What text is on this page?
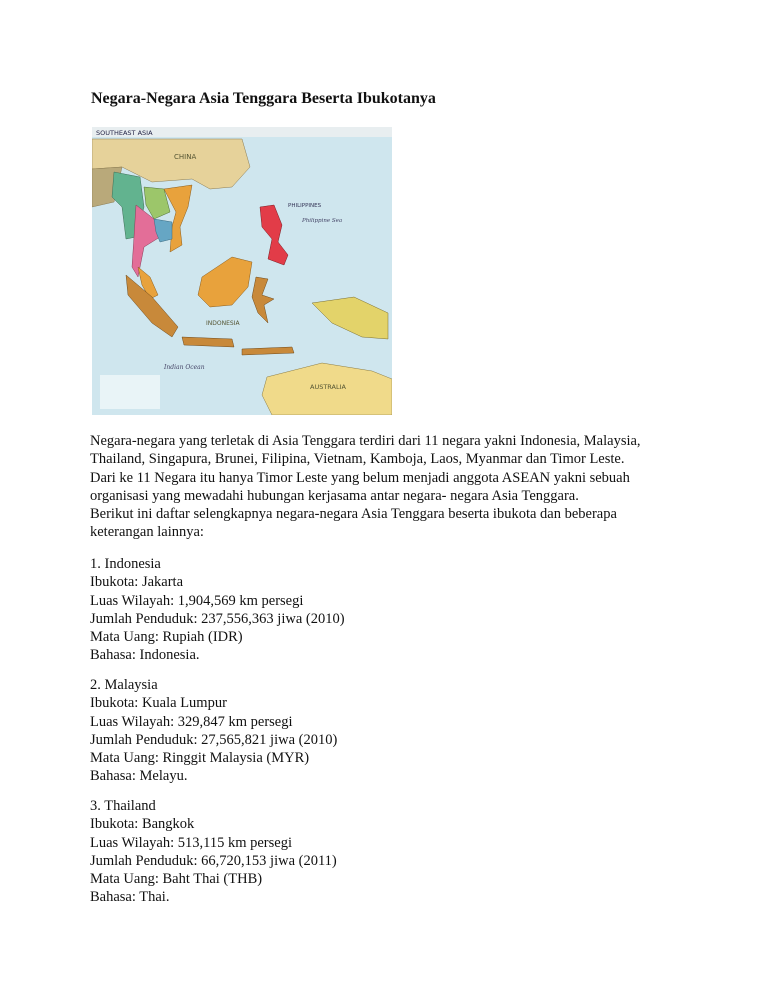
Negara-Negara Asia Tenggara Beserta Ibukotanya
SOUTHEAST ASIA
CHINA
PHILIPPINES
Philippine Sea
INDONESIA
AUSTRALIA
Indian Ocean

Negara-negara yang terletak di Asia Tenggara terdiri dari 11 negara yakni Indonesia, Malaysia,

Thailand, Singapura, Brunei, Filipina, Vietnam, Kamboja, Laos, Myanmar dan Timor Leste.

Dari ke 11 Negara itu hanya Timor Leste yang belum menjadi anggota ASEAN yakni sebuah

organisasi yang mewadahi hubungan kerjasama antar negara- negara Asia Tenggara.

Berikut ini daftar selengkapnya negara-negara Asia Tenggara beserta ibukota dan beberapa

keterangan lainnya:

1. Indonesia
Ibukota: Jakarta
Luas Wilayah: 1,904,569 km persegi
Jumlah Penduduk: 237,556,363 jiwa (2010)
Mata Uang: Rupiah (IDR)
Bahasa: Indonesia.
2. Malaysia
Ibukota: Kuala Lumpur
Luas Wilayah: 329,847 km persegi
Jumlah Penduduk: 27,565,821 jiwa (2010)
Mata Uang: Ringgit Malaysia (MYR)
Bahasa: Melayu.
3. Thailand
Ibukota: Bangkok
Luas Wilayah: 513,115 km persegi
Jumlah Penduduk: 66,720,153 jiwa (2011)
Mata Uang: Baht Thai (THB)
Bahasa: Thai.
